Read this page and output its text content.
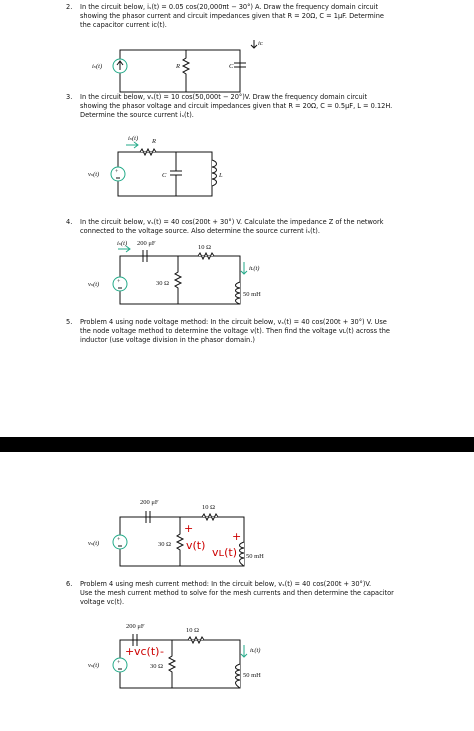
2. In the circuit below, iₛ(t) = 0.05 cos(20,000πt − 30°) A. Draw the frequency domain circuit
showing the phasor current and circuit impedances given that R = 20Ω, C = 1μF. Determine
the capacitor current iᴄ(t).
3. In the circuit below, vₛ(t) = 10 cos(50,000t − 20°)V. Draw the frequency domain circuit
showing the phasor voltage and circuit impedances given that R = 20Ω, C = 0.5μF, L = 0.12H.
Determine the source current iₛ(t).
4. In the circuit below, vₛ(t) = 40 cos(200t + 30°) V. Calculate the impedance Z of the network
connected to the voltage source. Also determine the source current iₛ(t).
5. Problem 4 using node voltage method: In the circuit below, vₛ(t) = 40 cos(200t + 30°) V. Use
the node voltage method to determine the voltage v(t). Then find the voltage vʟ(t) across the
inductor (use voltage division in the phasor domain.)
iₛ(t)	R	C
iᴄ
+
iₛ(t) R
C	L
vₛ(t)
+
iₛ(t) 200 μF
10 Ω
30 Ω
50 mH
iʟ(t)
vₛ(t)
6. Problem 4 using mesh current method: In the circuit below, vₛ(t) = 40 cos(200t + 30°)V.
Use the mesh current method to solve for the mesh currents and then determine the capacitor
voltage vᴄ(t).
+
200 μF
10 Ω
30 Ω
50 mH
vₛ(t)
+
v(t)
+
vʟ(t)
+
200 μF
10 Ω
30 Ω
50 mH
iʟ(t)
vₛ(t)
+ vᴄ(t) -
